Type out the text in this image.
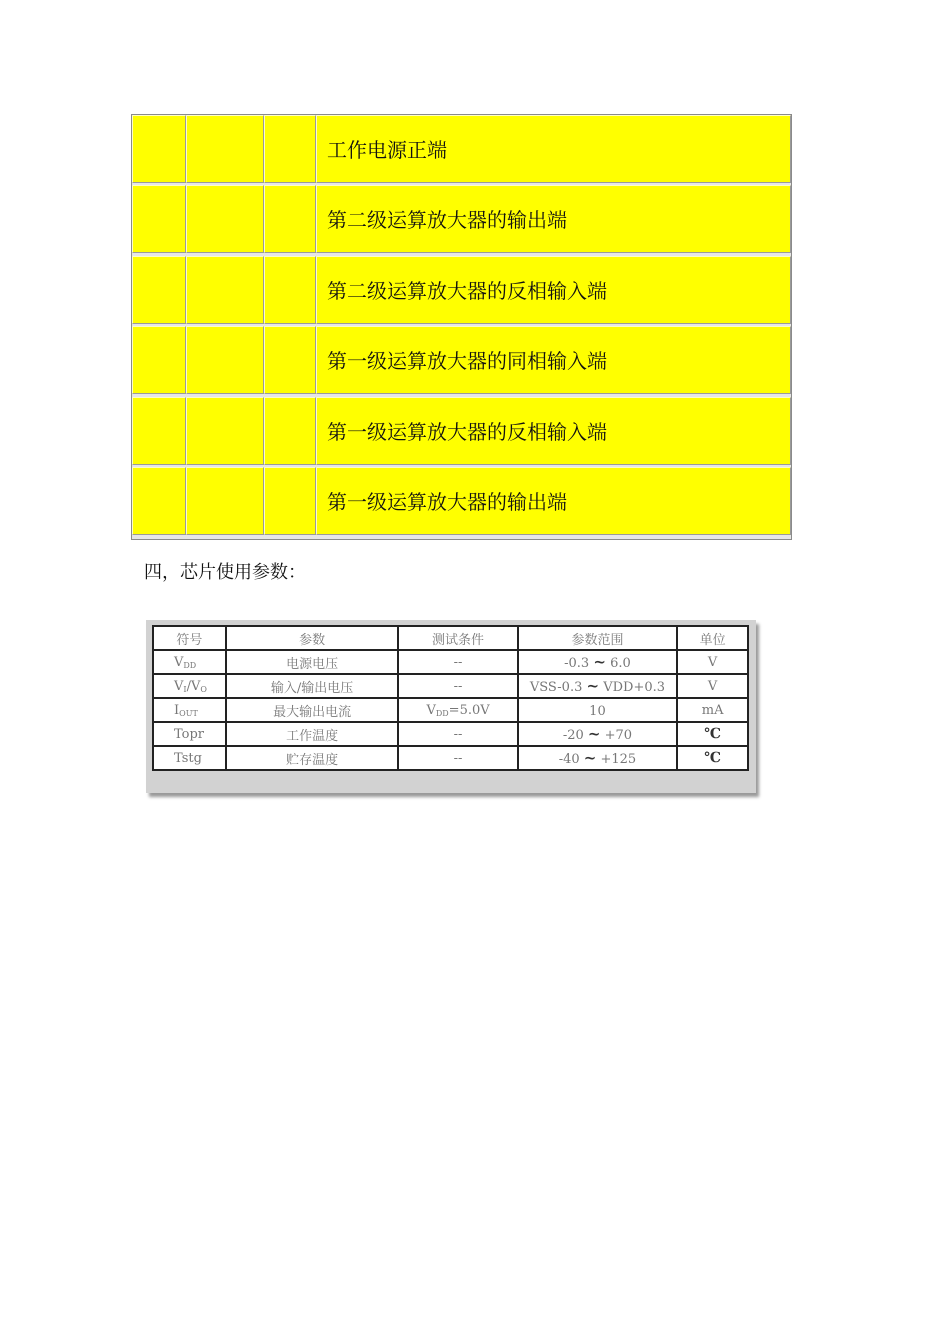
工作电源正端
第二级运算放大器的输出端
第二级运算放大器的反相输入端
第一级运算放大器的同相输入端
第一级运算放大器的反相输入端
第一级运算放大器的输出端
四，芯片使用参数：
符号	参数	测试条件	参数范围	单位
$V_{DD}$	电源电压	--	-0.3 ~ 6.0	V
$V_I/V_O$	输入/输出电压	--	VSS-0.3 ~ VDD+0.3	V
$I_{OUT}$	最大输出电流	$V_{DD}=5.0V$	10	mA
Topr	工作温度	--	-20 ~ +70	℃
Tstg	贮存温度	--	-40 ~ +125	℃
